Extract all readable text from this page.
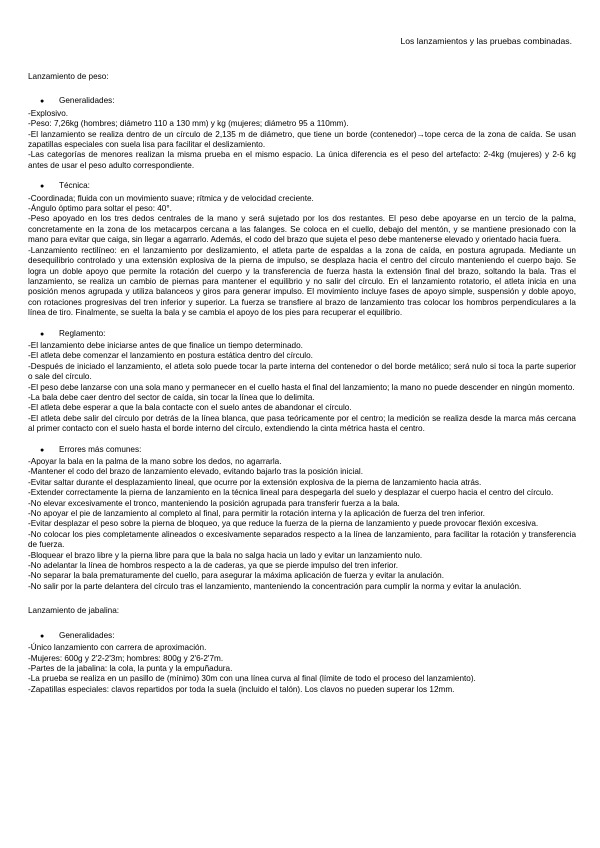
Los lanzamientos y las pruebas combinadas.

Lanzamiento de peso:

● Generalidades:

-Explosivo.

-Peso: 7,26kg (hombres; diámetro 110 a 130 mm) y kg (mujeres; diámetro 95 a 110mm).

-El lanzamiento se realiza dentro de un círculo de 2,135 m de diámetro, que tiene un borde (contenedor)→tope cerca de la zona de caída. Se usan zapatillas especiales con suela lisa para facilitar el deslizamiento.

-Las categorías de menores realizan la misma prueba en el mismo espacio. La única diferencia es el peso del artefacto: 2-4kg (mujeres) y 2-6 kg antes de usar el peso adulto correspondiente.

● Técnica:

-Coordinada; fluida con un movimiento suave; rítmica y de velocidad creciente.

-Ángulo óptimo para soltar el peso: 40°.

-Peso apoyado en los tres dedos centrales de la mano y será sujetado por los dos restantes. El peso debe apoyarse en un tercio de la palma, concretamente en la zona de los metacarpos cercana a las falanges. Se coloca en el cuello, debajo del mentón, y se mantiene presionado con la mano para evitar que caiga, sin llegar a agarrarlo. Además, el codo del brazo que sujeta el peso debe mantenerse elevado y orientado hacia fuera.

-Lanzamiento rectilíneo: en el lanzamiento por deslizamiento, el atleta parte de espaldas a la zona de caída, en postura agrupada. Mediante un desequilibrio controlado y una extensión explosiva de la pierna de impulso, se desplaza hacia el centro del círculo manteniendo el cuerpo bajo. Se logra un doble apoyo que permite la rotación del cuerpo y la transferencia de fuerza hasta la extensión final del brazo, soltando la bala. Tras el lanzamiento, se realiza un cambio de piernas para mantener el equilibrio y no salir del círculo. En el lanzamiento rotatorio, el atleta inicia en una posición menos agrupada y utiliza balanceos y giros para generar impulso. El movimiento incluye fases de apoyo simple, suspensión y doble apoyo, con rotaciones progresivas del tren inferior y superior. La fuerza se transfiere al brazo de lanzamiento tras colocar los hombros perpendiculares a la línea de tiro. Finalmente, se suelta la bala y se cambia el apoyo de los pies para recuperar el equilibrio.

● Reglamento:

-El lanzamiento debe iniciarse antes de que finalice un tiempo determinado.

-El atleta debe comenzar el lanzamiento en postura estática dentro del círculo.

-Después de iniciado el lanzamiento, el atleta solo puede tocar la parte interna del contenedor o del borde metálico; será nulo si toca la parte superior o sale del círculo.

-El peso debe lanzarse con una sola mano y permanecer en el cuello hasta el final del lanzamiento; la mano no puede descender en ningún momento.

-La bala debe caer dentro del sector de caída, sin tocar la línea que lo delimita.

-El atleta debe esperar a que la bala contacte con el suelo antes de abandonar el círculo.

-El atleta debe salir del círculo por detrás de la línea blanca, que pasa teóricamente por el centro; la medición se realiza desde la marca más cercana al primer contacto con el suelo hasta el borde interno del círculo, extendiendo la cinta métrica hasta el centro.

● Errores más comunes:

-Apoyar la bala en la palma de la mano sobre los dedos, no agarrarla.

-Mantener el codo del brazo de lanzamiento elevado, evitando bajarlo tras la posición inicial.

-Evitar saltar durante el desplazamiento lineal, que ocurre por la extensión explosiva de la pierna de lanzamiento hacia atrás.

-Extender correctamente la pierna de lanzamiento en la técnica lineal para despegarla del suelo y desplazar el cuerpo hacia el centro del círculo.

-No elevar excesivamente el tronco, manteniendo la posición agrupada para transferir fuerza a la bala.

-No apoyar el pie de lanzamiento al completo al final, para permitir la rotación interna y la aplicación de fuerza del tren inferior.

-Evitar desplazar el peso sobre la pierna de bloqueo, ya que reduce la fuerza de la pierna de lanzamiento y puede provocar flexión excesiva.

-No colocar los pies completamente alineados o excesivamente separados respecto a la línea de lanzamiento, para facilitar la rotación y transferencia de fuerza.

-Bloquear el brazo libre y la pierna libre para que la bala no salga hacia un lado y evitar un lanzamiento nulo.

-No adelantar la línea de hombros respecto a la de caderas, ya que se pierde impulso del tren inferior.

-No separar la bala prematuramente del cuello, para asegurar la máxima aplicación de fuerza y evitar la anulación.

-No salir por la parte delantera del círculo tras el lanzamiento, manteniendo la concentración para cumplir la norma y evitar la anulación.

Lanzamiento de jabalina:

● Generalidades:

-Único lanzamiento con carrera de aproximación.

-Mujeres: 600g y 2'2-2'3m; hombres: 800g y 2'6-2'7m.

-Partes de la jabalina: la cola, la punta y la empuñadura.

-La prueba se realiza en un pasillo de (mínimo) 30m con una línea curva al final (límite de todo el proceso del lanzamiento).

-Zapatillas especiales: clavos repartidos por toda la suela (incluido el talón). Los clavos no pueden superar los 12mm.
